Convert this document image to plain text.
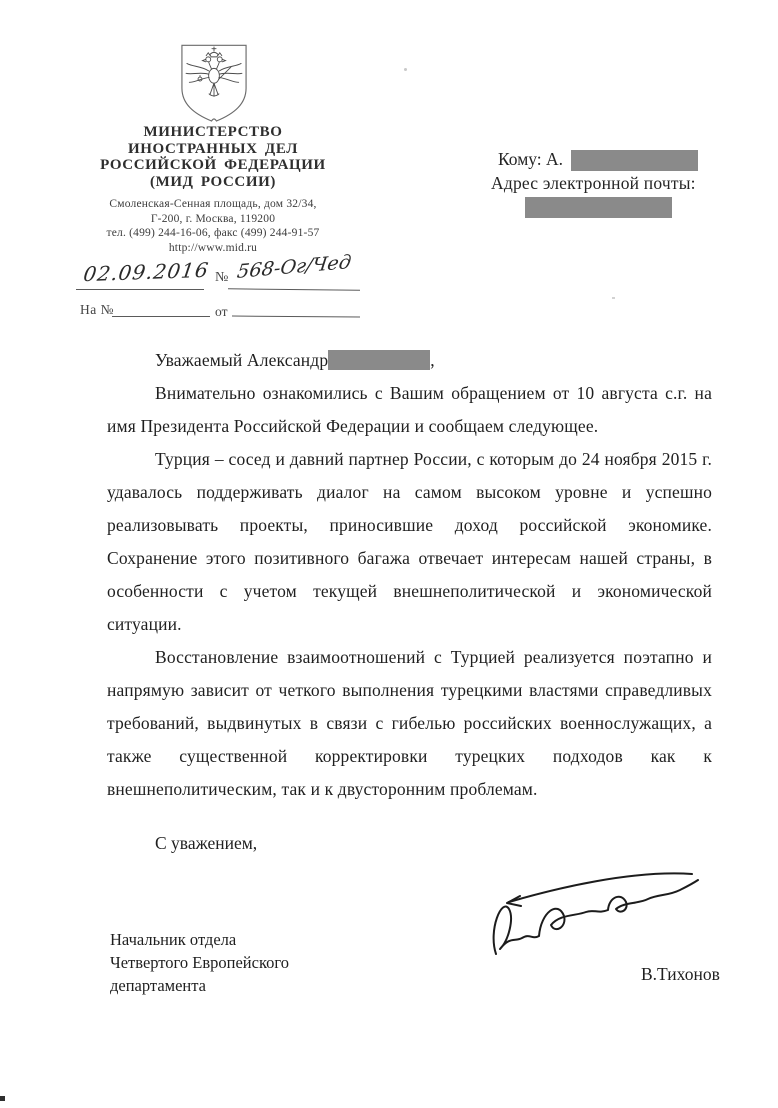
МИНИСТЕРСТВО
ИНОСТРАННЫХ ДЕЛ
РОССИЙСКОЙ ФЕДЕРАЦИИ
(МИД РОССИИ)
Смоленская-Сенная площадь, дом 32/34,
Г-200, г. Москва, 119200
тел. (499) 244-16-06, факс (499) 244-91-57
http://www.mid.ru
02.09.2016 № 568-Ог/Чед
На №	от
Кому: А.
Адрес электронной почты:

Уважаемый Александр	,

Внимательно ознакомились с Вашим обращением от 10 августа с.г. на имя Президента Российской Федерации и сообщаем следующее.

Турция – сосед и давний партнер России, с которым до 24 ноября 2015 г. удавалось поддерживать диалог на самом высоком уровне и успешно реализовывать проекты, приносившие доход российской экономике. Сохранение этого позитивного багажа отвечает интересам нашей страны, в особенности с учетом текущей внешнеполитической и экономической ситуации.

Восстановление взаимоотношений с Турцией реализуется поэтапно и напрямую зависит от четкого выполнения турецкими властями справедливых требований, выдвинутых в связи с гибелью российских военнослужащих, а также существенной корректировки турецких подходов как к внешнеполитическим, так и к двусторонним проблемам.

С уважением,
Начальник отдела
Четвертого Европейского
департамента
В.Тихонов
